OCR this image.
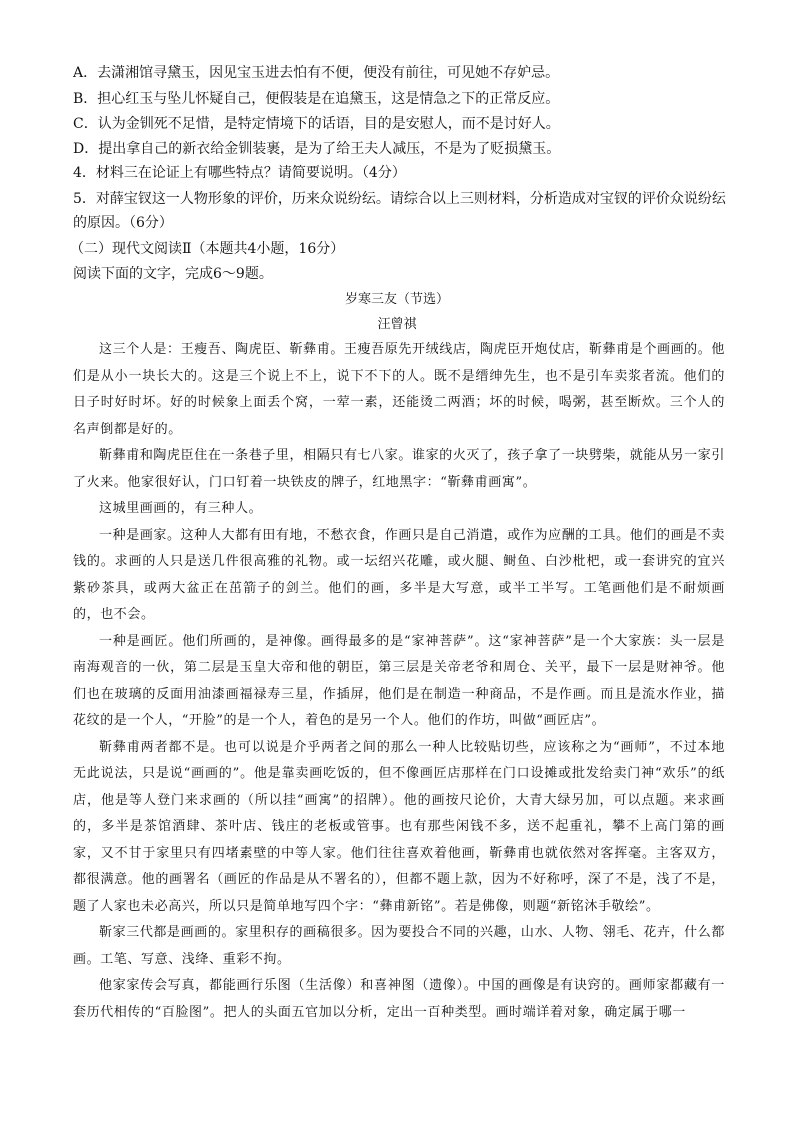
A．去潇湘馆寻黛玉，因见宝玉进去怕有不便，便没有前往，可见她不存妒忌。
B．担心红玉与坠儿怀疑自己，便假装是在追黛玉，这是情急之下的正常反应。
C．认为金钏死不足惜，是特定情境下的话语，目的是安慰人，而不是讨好人。
D．提出拿自己的新衣给金钏装裹，是为了给王夫人减压，不是为了贬损黛玉。
4．材料三在论证上有哪些特点？请简要说明。（4分）
5．对薛宝钗这一人物形象的评价，历来众说纷纭。请综合以上三则材料，分析造成对宝钗的评价众说纷纭的原因。（6分）
（二）现代文阅读Ⅱ（本题共4小题，16分）
阅读下面的文字，完成6～9题。
岁寒三友（节选）
汪曾祺

这三个人是：王瘦吾、陶虎臣、靳彝甫。王瘦吾原先开绒线店，陶虎臣开炮仗店，靳彝甫是个画画的。他们是从小一块长大的。这是三个说上不上，说下不下的人。既不是缙绅先生，也不是引车卖浆者流。他们的日子时好时坏。好的时候象上面丢个窝，一荤一素，还能烫二两酒；坏的时候，喝粥，甚至断炊。三个人的名声倒都是好的。

靳彝甫和陶虎臣住在一条巷子里，相隔只有七八家。谁家的火灭了，孩子拿了一块劈柴，就能从另一家引了火来。他家很好认，门口钉着一块铁皮的牌子，红地黑字：“靳彝甫画寓”。

这城里画画的，有三种人。

一种是画家。这种人大都有田有地，不愁衣食，作画只是自己消遣，或作为应酬的工具。他们的画是不卖钱的。求画的人只是送几件很高雅的礼物。或一坛绍兴花雕，或火腿、鲥鱼、白沙枇杷，或一套讲究的宜兴紫砂茶具，或两大盆正在茁箭子的剑兰。他们的画，多半是大写意，或半工半写。工笔画他们是不耐烦画的，也不会。

一种是画匠。他们所画的，是神像。画得最多的是“家神菩萨”。这“家神菩萨”是一个大家族：头一层是南海观音的一伙，第二层是玉皇大帝和他的朝臣，第三层是关帝老爷和周仓、关平，最下一层是财神爷。他们也在玻璃的反面用油漆画福禄寿三星，作插屏，他们是在制造一种商品，不是作画。而且是流水作业，描花纹的是一个人，“开脸”的是一个人，着色的是另一个人。他们的作坊，叫做“画匠店”。

靳彝甫两者都不是。也可以说是介乎两者之间的那么一种人比较贴切些，应该称之为“画师”，不过本地无此说法，只是说“画画的”。他是靠卖画吃饭的，但不像画匠店那样在门口设摊或批发给卖门神“欢乐”的纸店，他是等人登门来求画的（所以挂“画寓”的招牌）。他的画按尺论价，大青大绿另加，可以点题。来求画的，多半是茶馆酒肆、茶叶店、钱庄的老板或管事。也有那些闲钱不多，送不起重礼，攀不上高门第的画家，又不甘于家里只有四堵素壁的中等人家。他们往往喜欢着他画，靳彝甫也就依然对客挥毫。主客双方，都很满意。他的画署名（画匠的作品是从不署名的），但都不题上款，因为不好称呼，深了不是，浅了不是，题了人家也未必高兴，所以只是简单地写四个字：“彝甫新铭”。若是佛像，则题“新铭沐手敬绘”。

靳家三代都是画画的。家里积存的画稿很多。因为要投合不同的兴趣，山水、人物、翎毛、花卉，什么都画。工笔、写意、浅绛、重彩不拘。

他家家传会写真，都能画行乐图（生活像）和喜神图（遗像）。中国的画像是有诀窍的。画师家都藏有一套历代相传的“百脸图”。把人的头面五官加以分析，定出一百种类型。画时端详着对象，确定属于哪一
